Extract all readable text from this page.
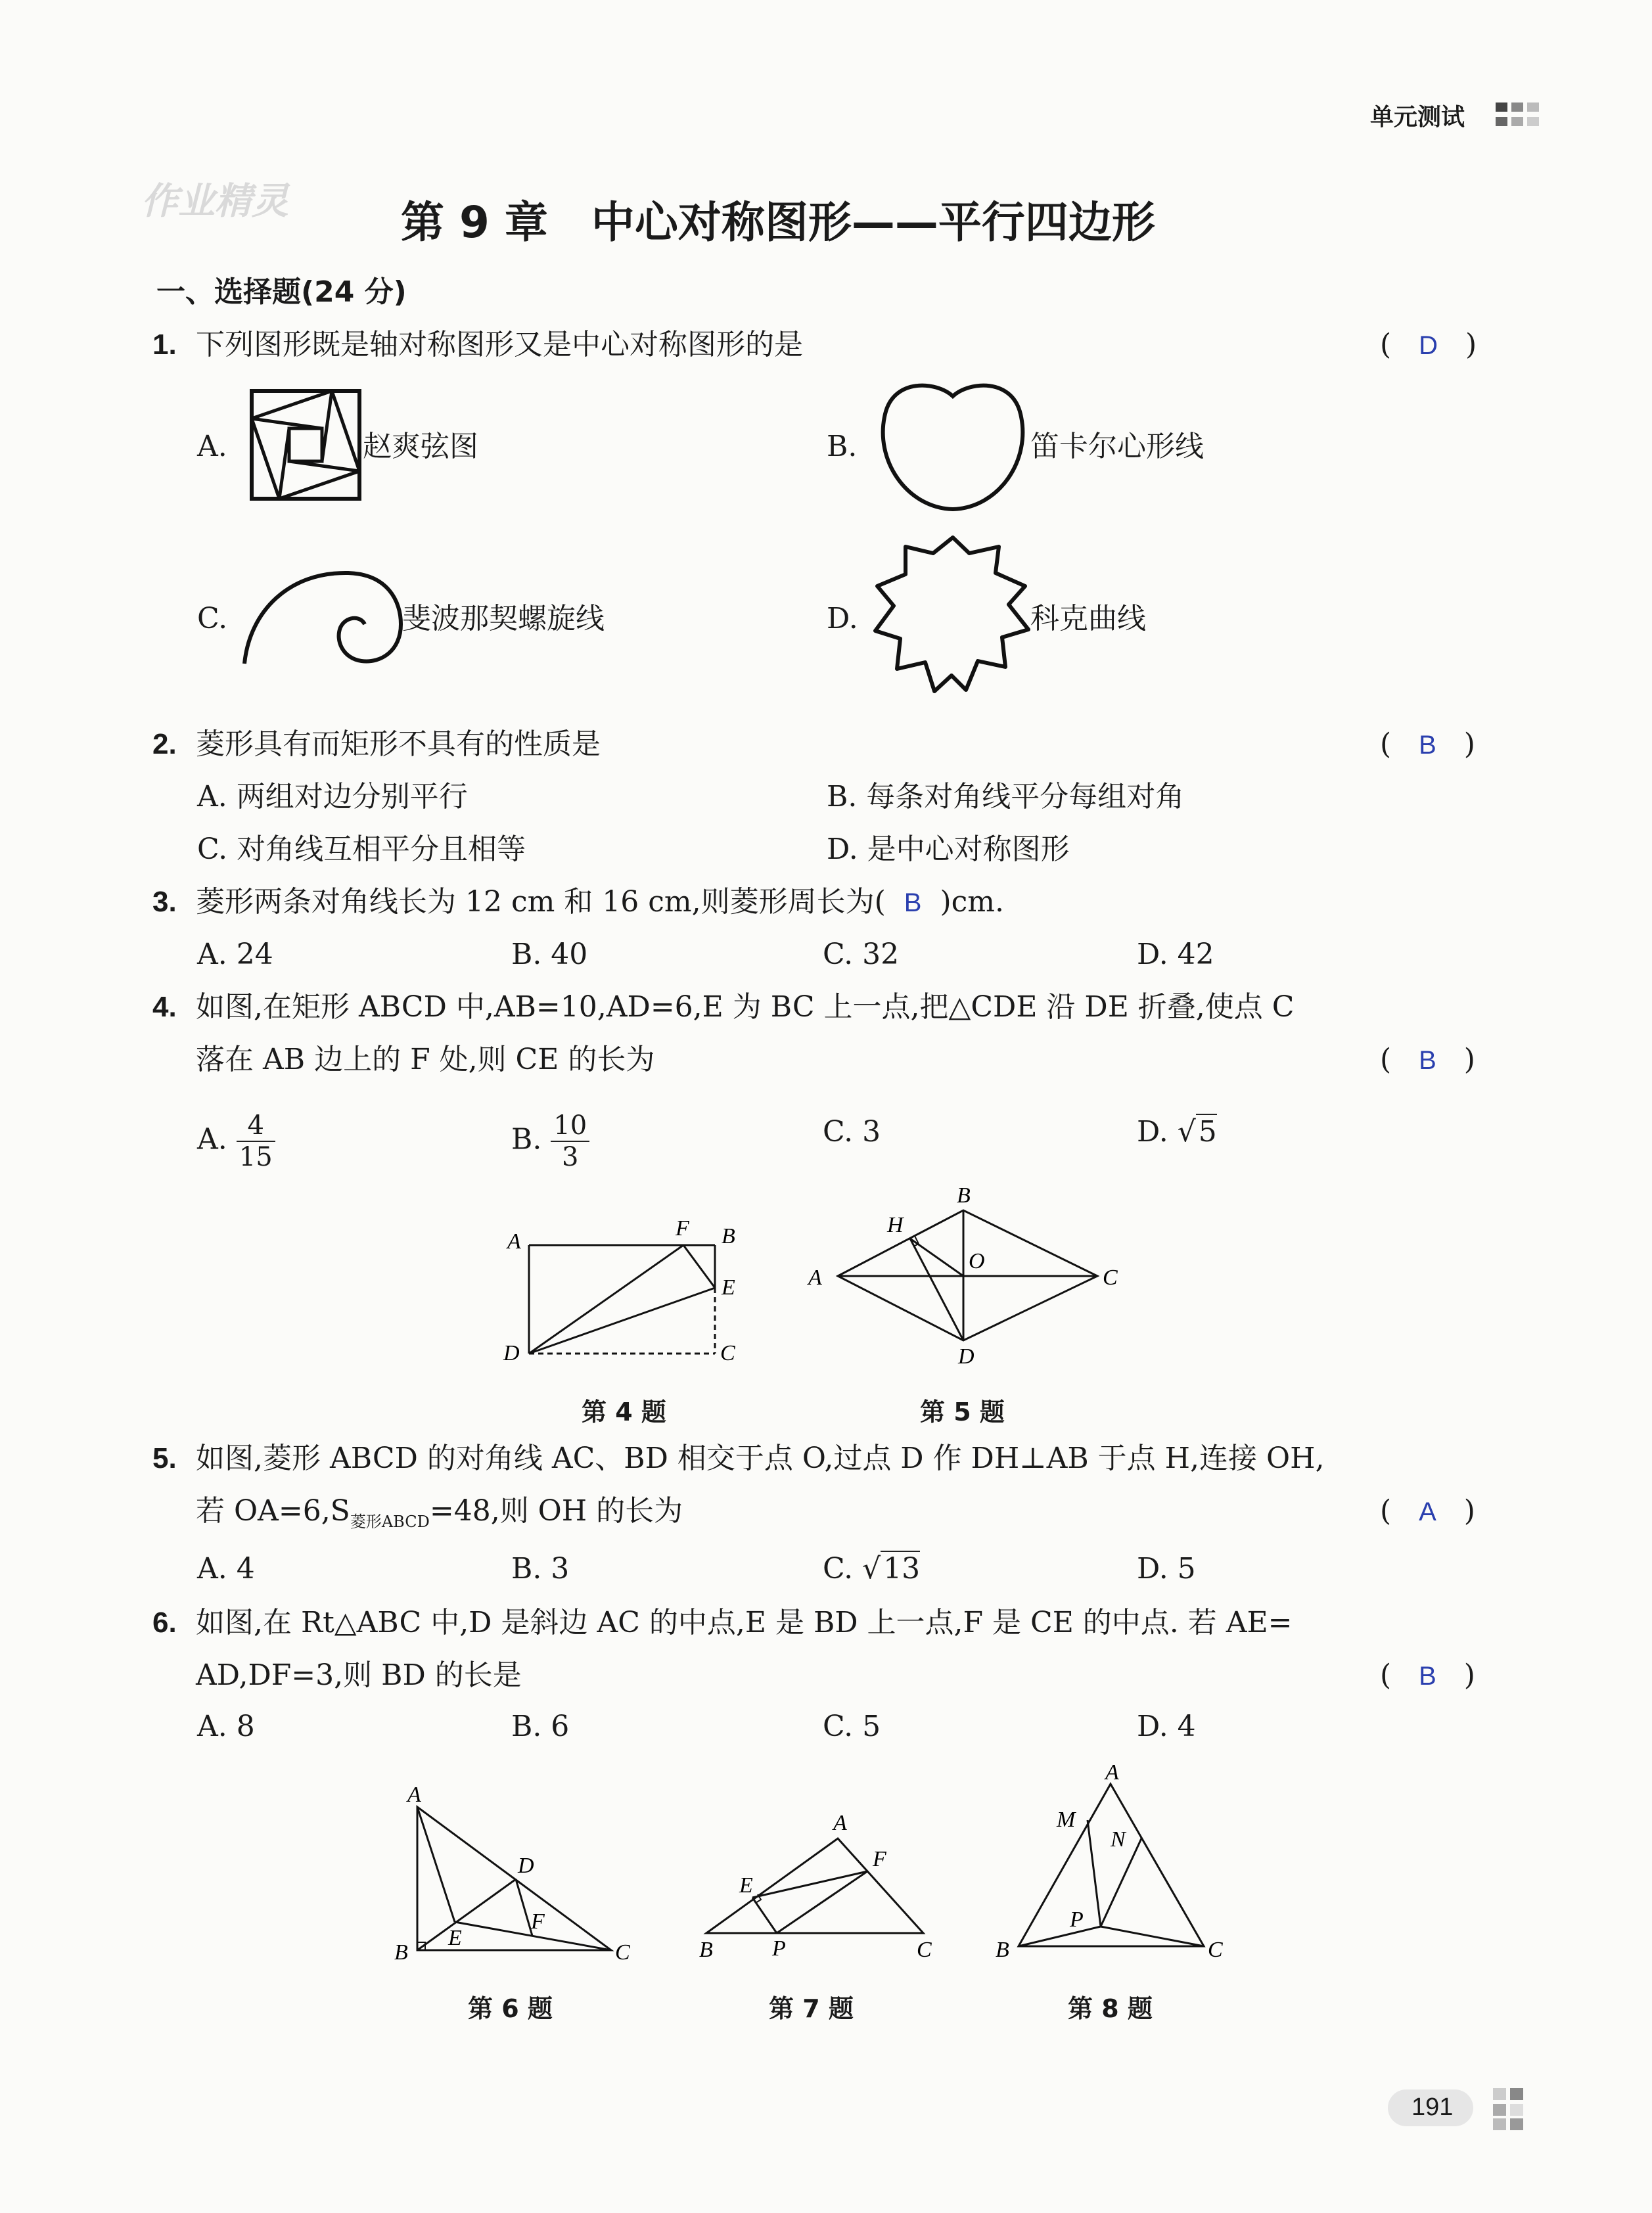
单元测试
作业精灵	第 9 章　中心对称图形——平行四边形
一、选择题(24 分)
1. 下列图形既是轴对称图形又是中心对称图形的是	(   D   )
A.	赵爽弦图	B.	笛卡尔心形线
C.	斐波那契螺旋线	D.	科克曲线
2. 菱形具有而矩形不具有的性质是	(   B   )
A. 两组对边分别平行	B. 每条对角线平分每组对角
C. 对角线互相平分且相等	D. 是中心对称图形
3. 菱形两条对角线长为 12 cm 和 16 cm,则菱形周长为( B )cm.
A. 24	B. 40	C. 32	D. 42
4. 如图,在矩形 ABCD 中,AB=10,AD=6,E 为 BC 上一点,把△CDE 沿 DE 折叠,使点 C
落在 AB 边上的 F 处,则 CE 的长为	(   B   )
A. $\frac{4}{15}$	B. $\frac{10}{3}$	C. 3	D. √5
A
F B
E
D	C
第 4 题
A
B
C
D
H
O
第 5 题
5. 如图,菱形 ABCD 的对角线 AC、BD 相交于点 O,过点 D 作 DH⊥AB 于点 H,连接 OH,
若 $OA=6,S_{菱形ABCD}=48$,则 OH 的长为	(   A   )
A. 4	B. 3	C. √13	D. 5
6. 如图,在 Rt△ABC 中,D 是斜边 AC 的中点,E 是 BD 上一点,F 是 CE 的中点. 若 AE=
AD,DF=3,则 BD 的长是	(   B   )
A. 8	B. 6	C. 5	D. 4
A
B	C
D
E
F
第 6 题
A
B	C
E
F
P
第 7 题
A
B	C
M
N
P
第 8 题
191
